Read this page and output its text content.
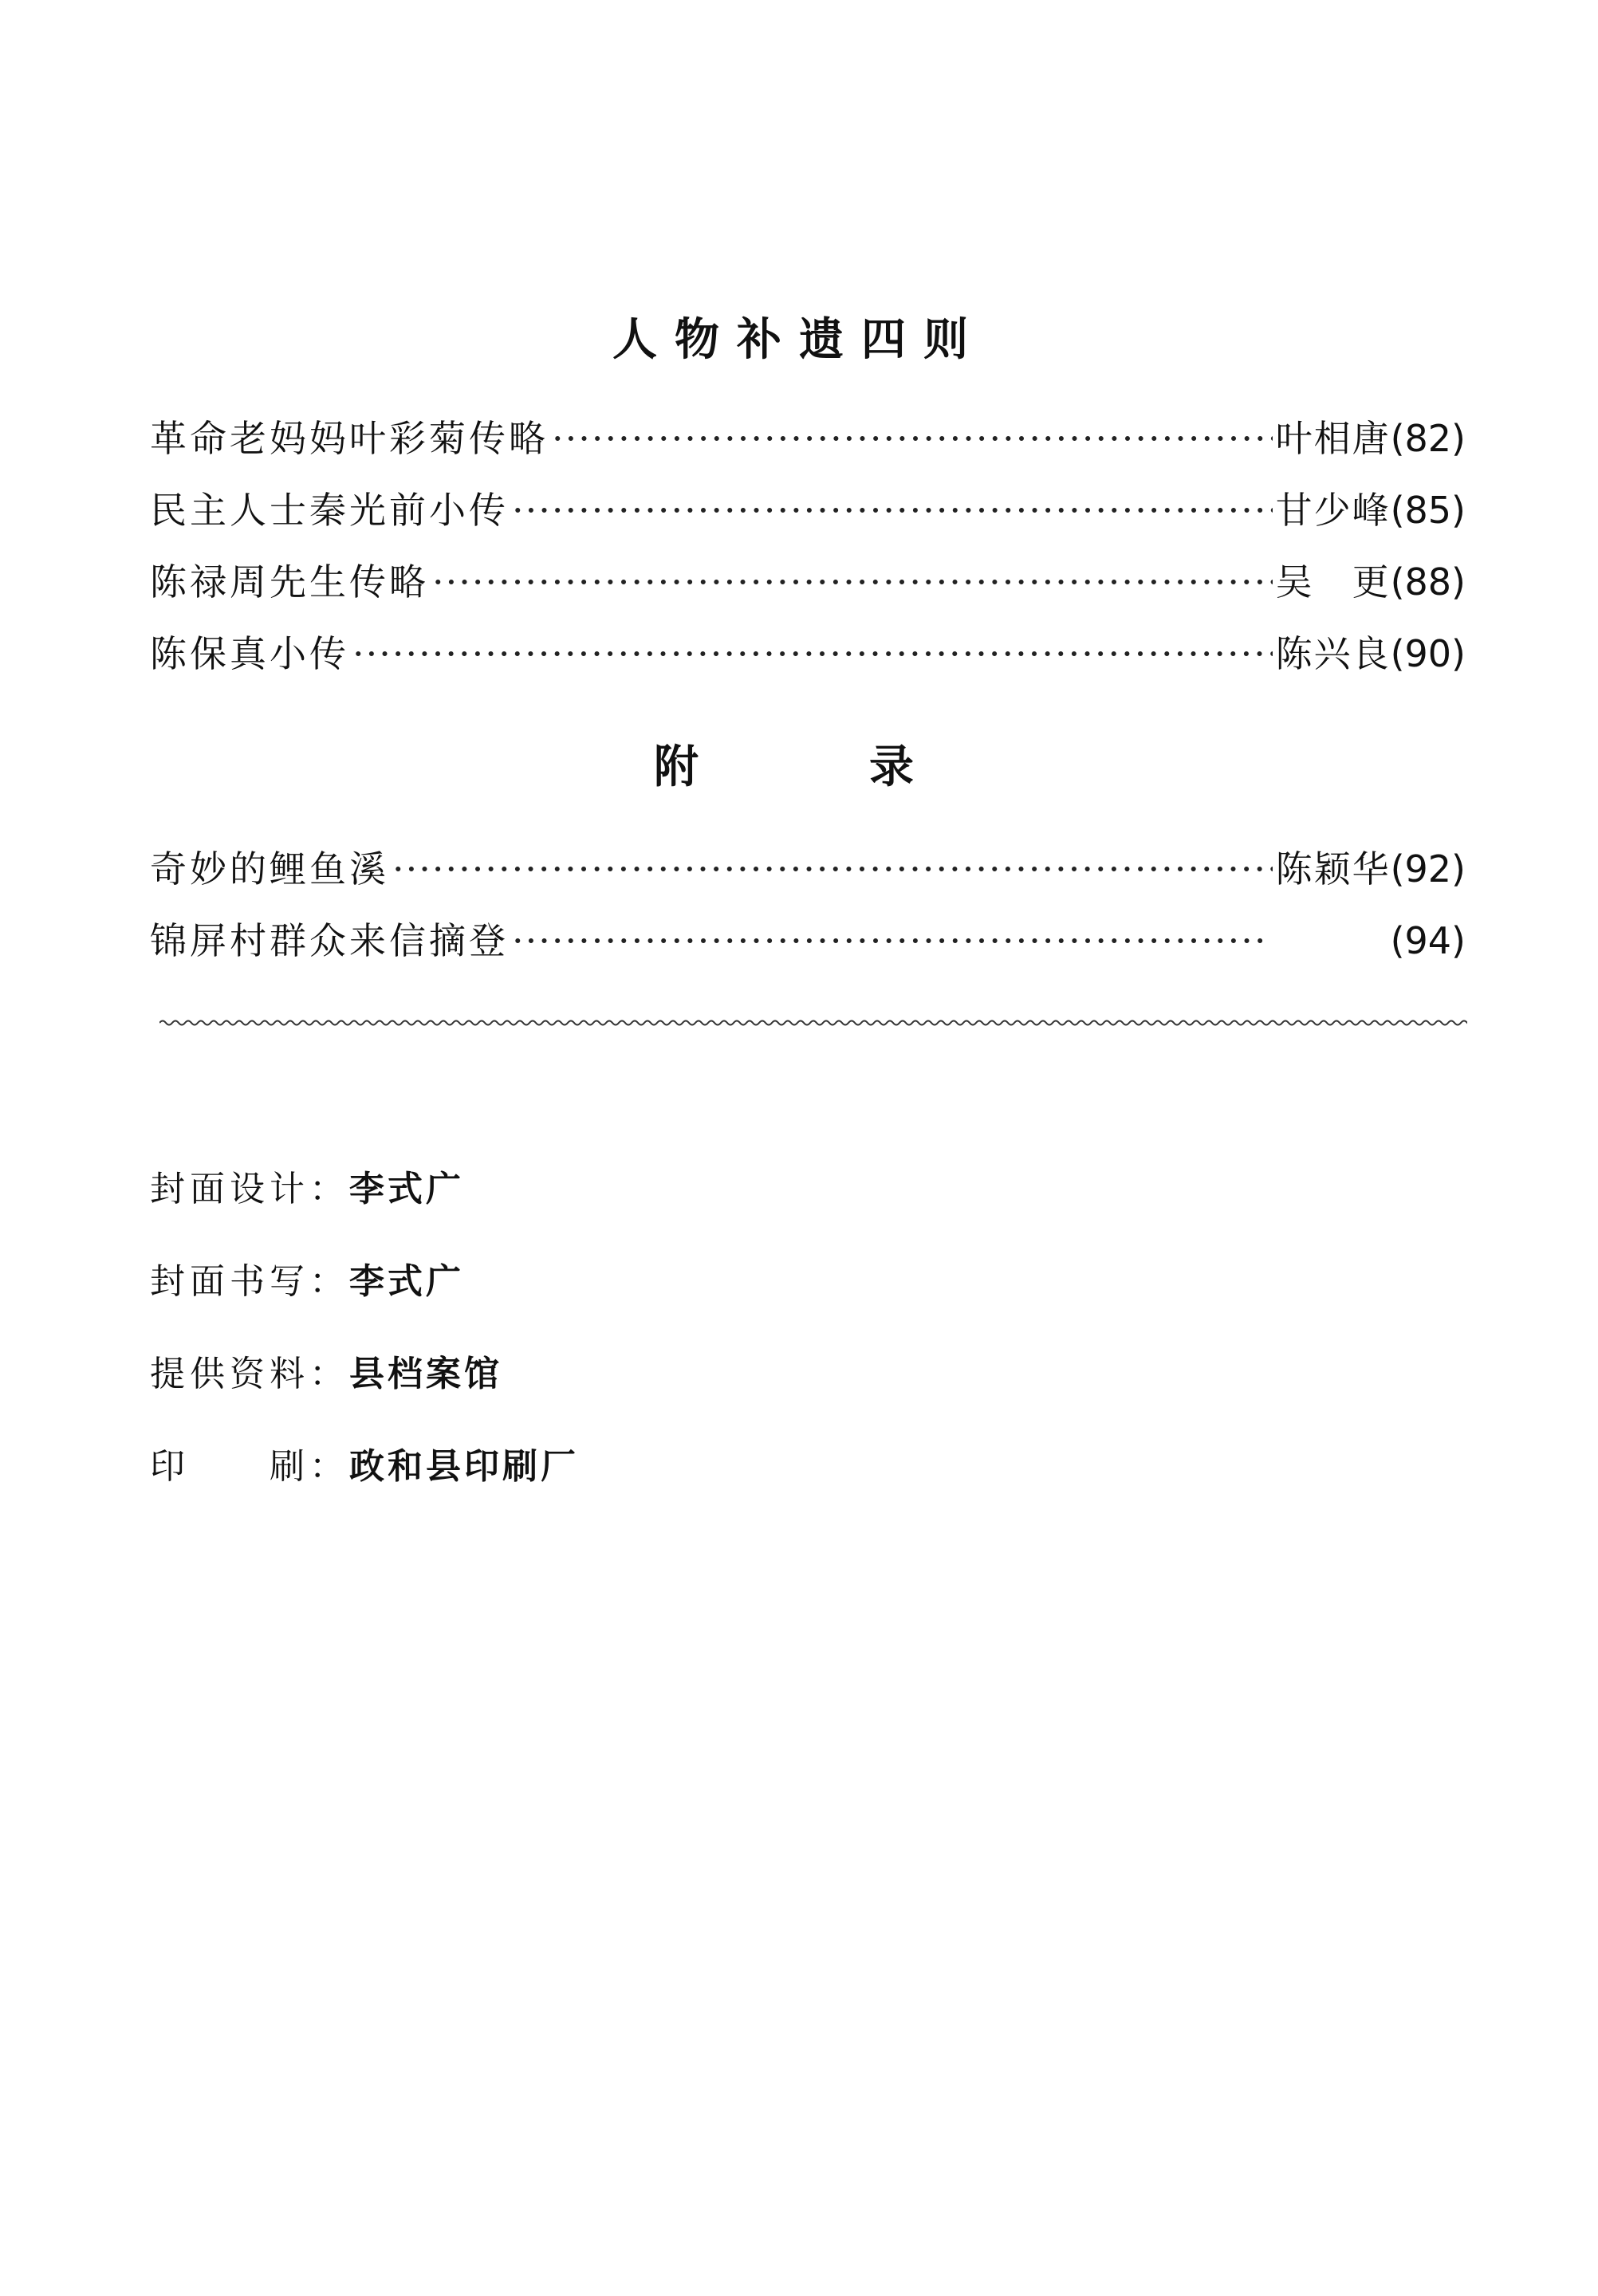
人物补遗四则
革命老妈妈叶彩菊传略 ·····	叶相唐 (82)
民主人士秦光前小传 ·····	甘少峰 (85)
陈禄周先生传略 ·····	吴　更 (88)
陈保真小传 ·····	陈兴良 (90)
附	录
奇妙的鲤鱼溪 ·····	陈颖华 (92)
锦屏村群众来信摘登 ·····	(94)
封面设计：李式广
封面书写：李式广
提供资料：县档案馆
印　　刷：政和县印刷厂
